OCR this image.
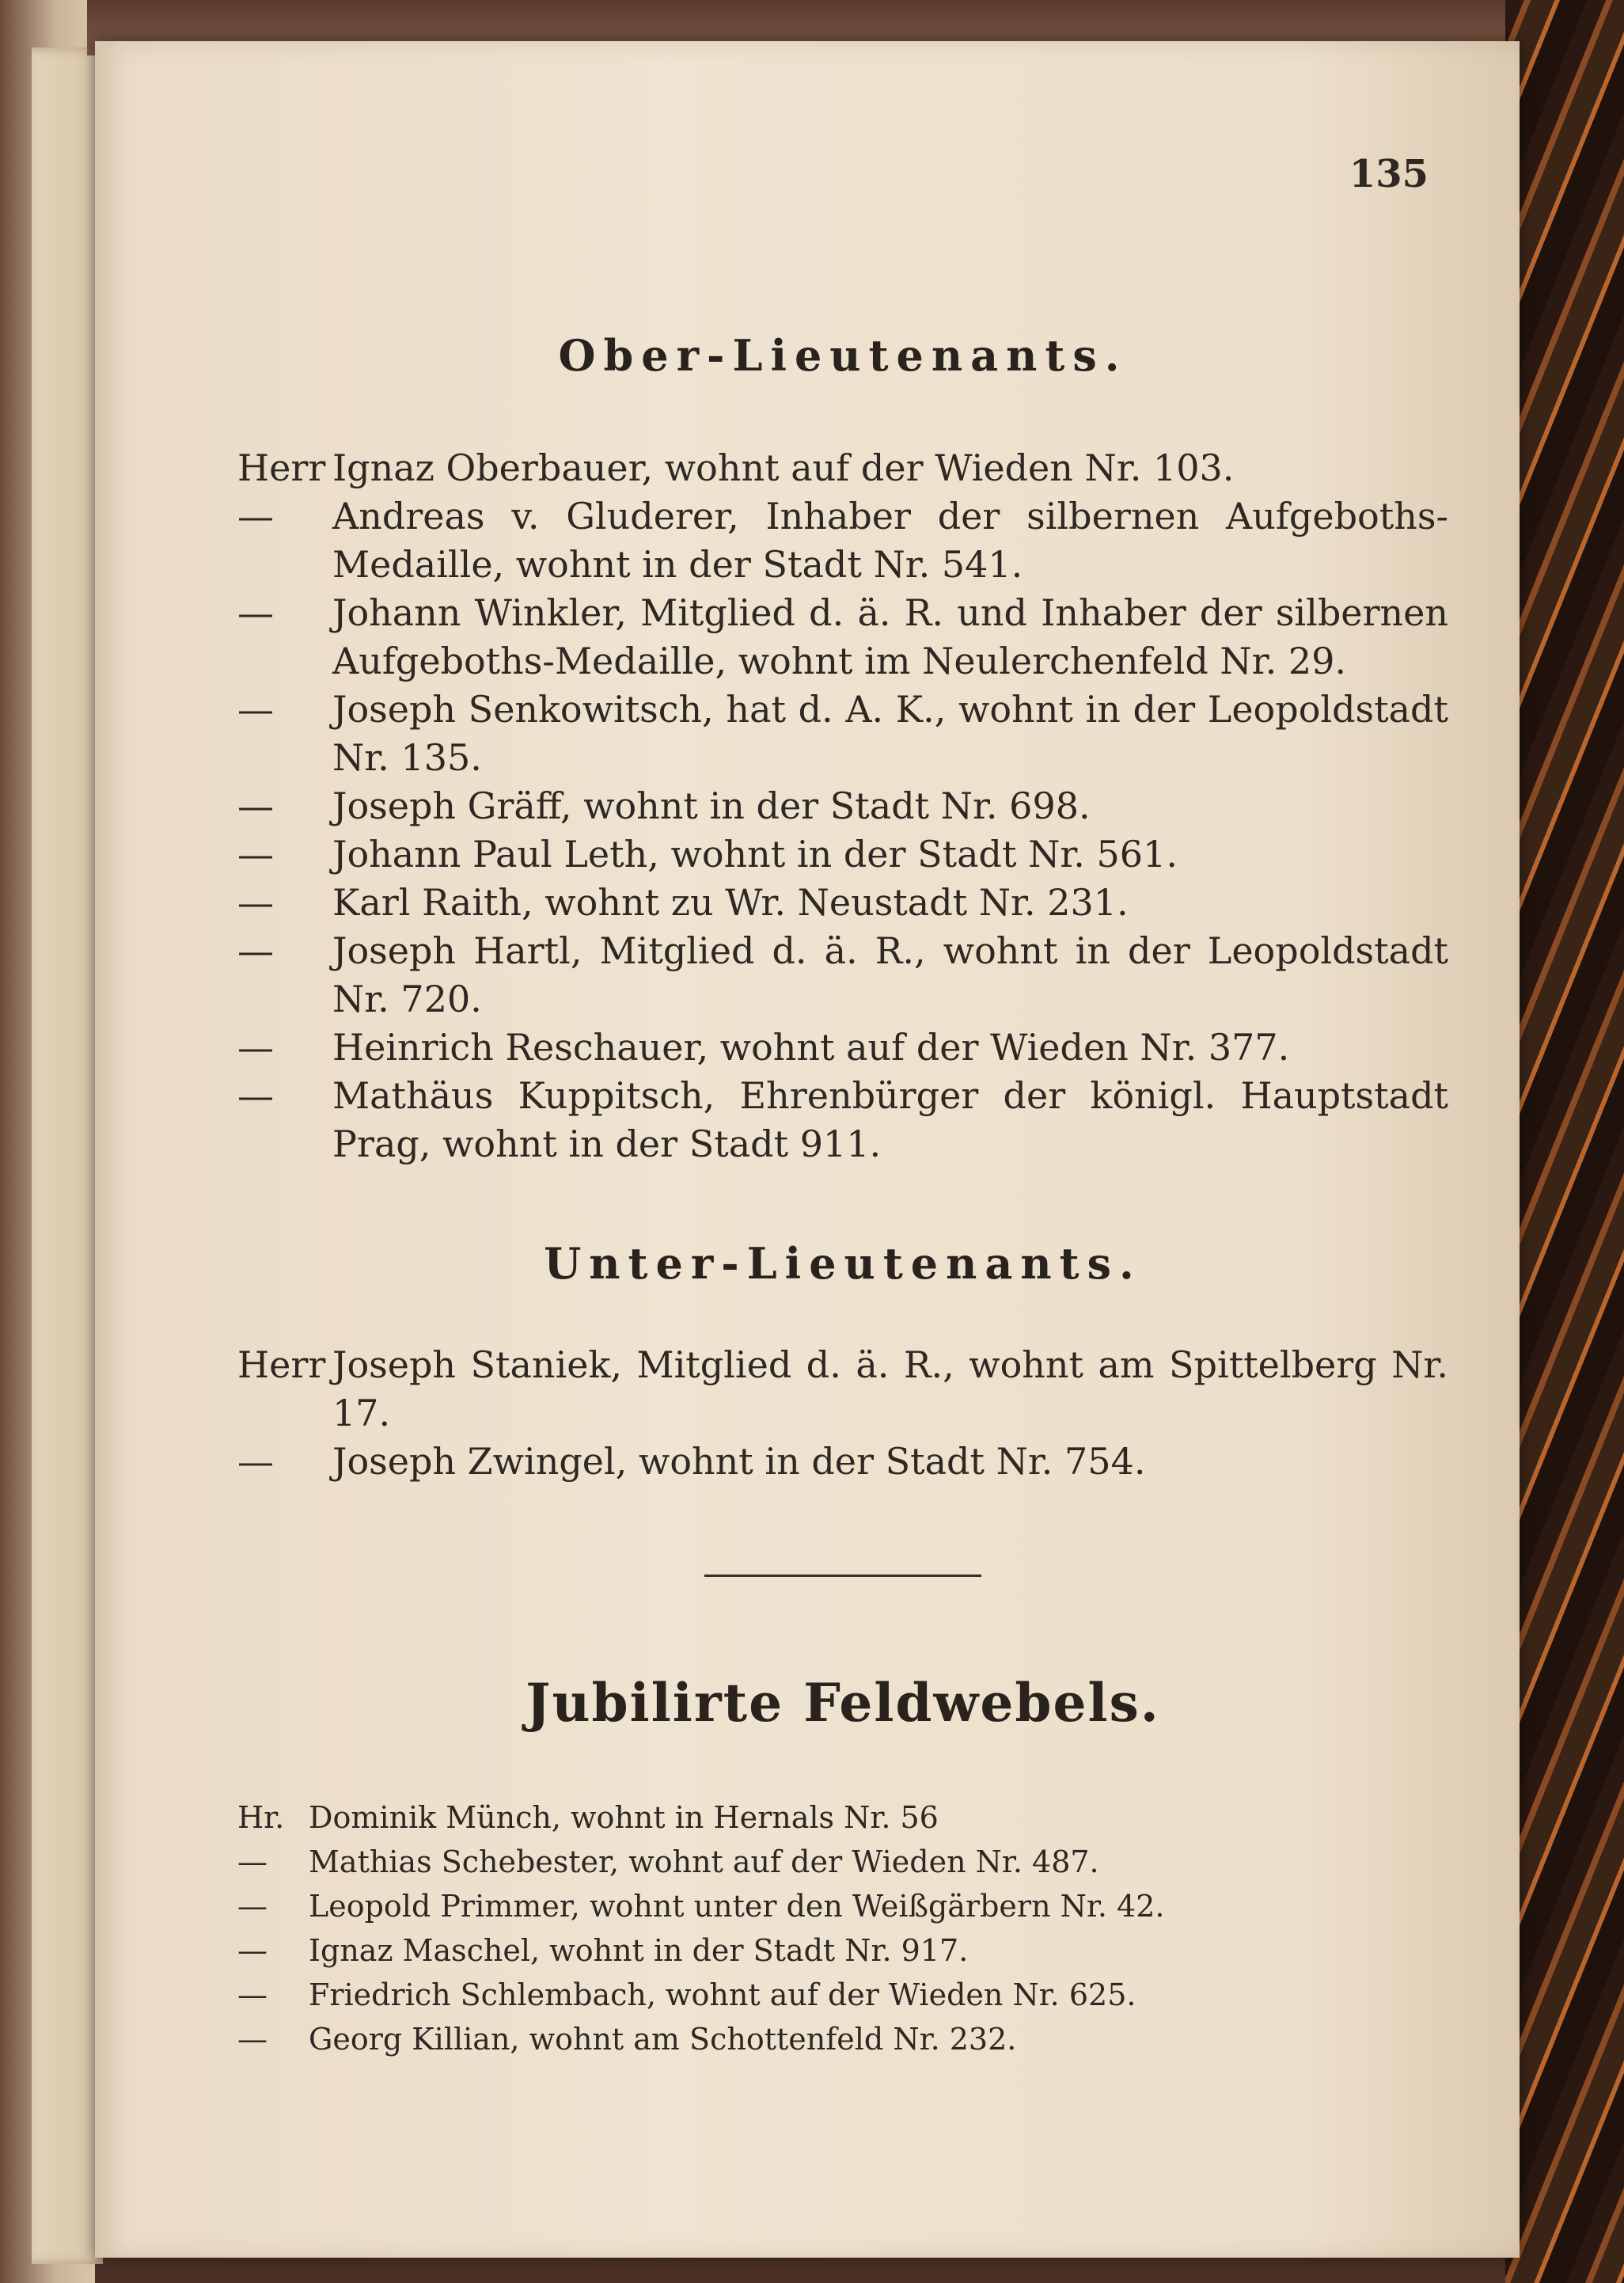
135
Ober-Lieutenants.
Herr Ignaz Oberbauer, wohnt auf der Wieden Nr. 103.
—	Andreas v. Gluderer, Inhaber der silbernen Aufgeboths-Medaille, wohnt in der Stadt Nr. 541.
—	Johann Winkler, Mitglied d. ä. R. und Inhaber der silbernen Aufgeboths-Medaille, wohnt im Neulerchenfeld Nr. 29.
—	Joseph Senkowitsch, hat d. A. K., wohnt in der Leopoldstadt Nr. 135.
—	Joseph Gräff, wohnt in der Stadt Nr. 698.
—	Johann Paul Leth, wohnt in der Stadt Nr. 561.
—	Karl Raith, wohnt zu Wr. Neustadt Nr. 231.
—	Joseph Hartl, Mitglied d. ä. R., wohnt in der Leopoldstadt Nr. 720.
—	Heinrich Reschauer, wohnt auf der Wieden Nr. 377.
—	Mathäus Kuppitsch, Ehrenbürger der königl. Hauptstadt Prag, wohnt in der Stadt 911.
Unter-Lieutenants.
Herr Joseph Staniek, Mitglied d. ä. R., wohnt am Spittelberg Nr. 17.
—	Joseph Zwingel, wohnt in der Stadt Nr. 754.
Jubilirte Feldwebels.
Hr. Dominik Münch, wohnt in Hernals Nr. 56
—	Mathias Schebester, wohnt auf der Wieden Nr. 487.
—	Leopold Primmer, wohnt unter den Weißgärbern Nr. 42.
—	Ignaz Maschel, wohnt in der Stadt Nr. 917.
—	Friedrich Schlembach, wohnt auf der Wieden Nr. 625.
—	Georg Killian, wohnt am Schottenfeld Nr. 232.
